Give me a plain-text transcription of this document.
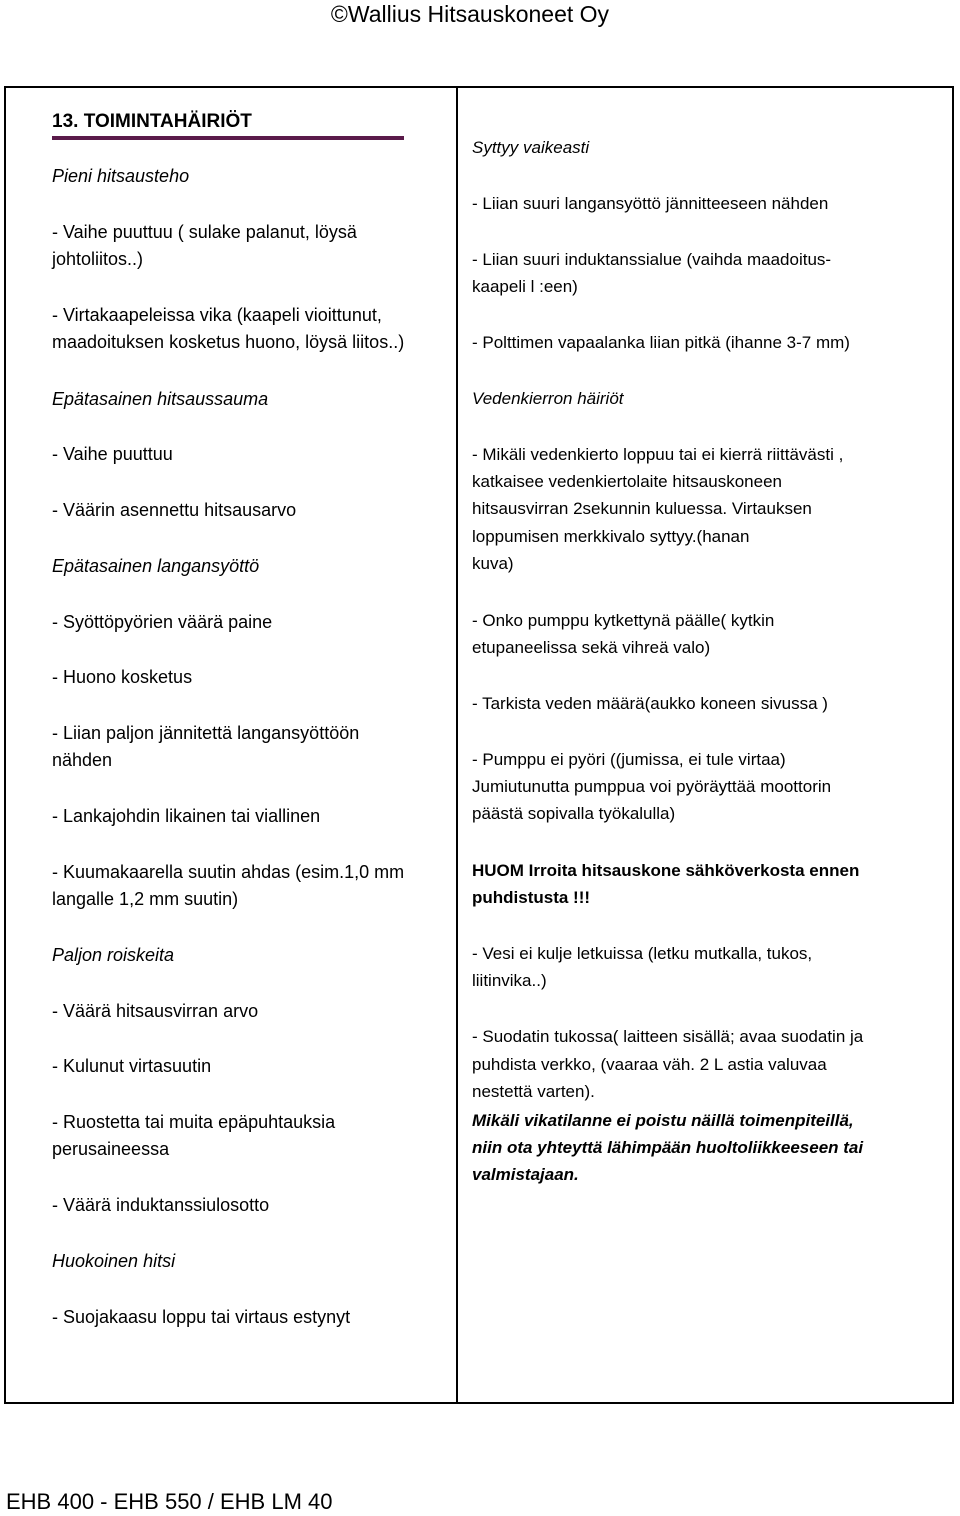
©Wallius Hitsauskoneet Oy

13. TOIMINTAHÄIRIÖT

Pieni hitsausteho

- Vaihe puuttuu ( sulake palanut, löysä

johtoliitos..)

- Virtakaapeleissa vika (kaapeli vioittunut,

maadoituksen kosketus huono, löysä liitos..)

Epätasainen hitsaussauma

- Vaihe puuttuu

- Väärin asennettu hitsausarvo

Epätasainen langansyöttö

- Syöttöpyörien väärä paine

- Huono kosketus

- Liian paljon jännitettä langansyöttöön

nähden

- Lankajohdin likainen tai viallinen

- Kuumakaarella suutin ahdas (esim.1,0 mm

langalle 1,2 mm suutin)

Paljon roiskeita

- Väärä hitsausvirran arvo

- Kulunut virtasuutin

- Ruostetta tai muita epäpuhtauksia

perusaineessa

- Väärä induktanssiulosotto

Huokoinen hitsi

- Suojakaasu loppu tai virtaus estynyt

Syttyy vaikeasti

- Liian suuri langansyöttö jännitteeseen nähden

- Liian suuri induktanssialue (vaihda maadoitus-

kaapeli l :een)

- Polttimen vapaalanka liian pitkä (ihanne 3-7 mm)

Vedenkierron häiriöt

- Mikäli vedenkierto loppuu tai ei kierrä riittävästi ,

katkaisee vedenkiertolaite hitsauskoneen

hitsausvirran 2sekunnin kuluessa. Virtauksen

loppumisen merkkivalo syttyy.(hanan

kuva)

- Onko pumppu kytkettynä päälle( kytkin

etupaneelissa sekä vihreä valo)

- Tarkista veden määrä(aukko koneen sivussa )

- Pumppu ei pyöri ((jumissa, ei tule virtaa)

Jumiutunutta pumppua voi pyöräyttää moottorin

päästä sopivalla työkalulla)

HUOM Irroita hitsauskone sähköverkosta ennen

puhdistusta !!!

- Vesi ei kulje letkuissa (letku mutkalla, tukos,

liitinvika..)

- Suodatin tukossa( laitteen sisällä; avaa suodatin ja

puhdista verkko, (vaaraa väh. 2 L astia valuvaa

nestettä varten).

Mikäli vikatilanne ei poistu näillä toimenpiteillä,

niin ota yhteyttä lähimpään huoltoliikkeeseen tai

valmistajaan.

EHB 400 - EHB 550 / EHB LM 40
